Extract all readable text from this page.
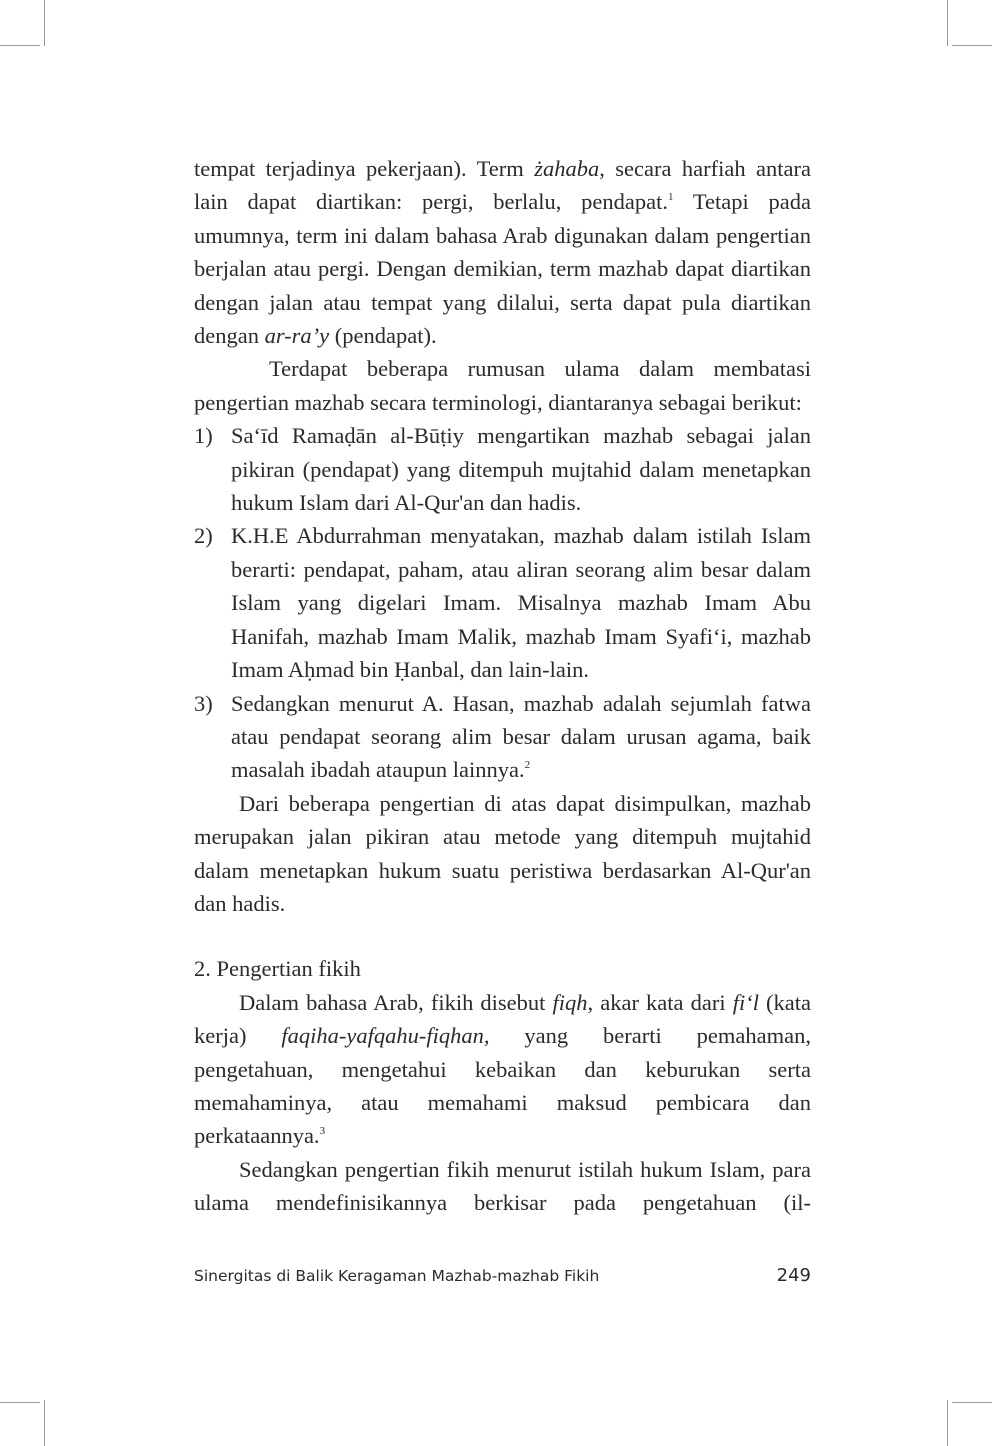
tempat terjadinya pekerjaan). Term żahaba, secara harfiah antara lain dapat diartikan: pergi, berlalu, pendapat.$^1$ Tetapi pada umumnya, term ini dalam bahasa Arab digunakan dalam pengertian berjalan atau pergi. Dengan demikian, term mazhab dapat diartikan dengan jalan atau tempat yang dilalui, serta dapat pula diartikan dengan ar-ra’y (pendapat).

Terdapat beberapa rumusan ulama dalam membatasi pengertian mazhab secara terminologi, diantaranya sebagai berikut:

1) Sa‘īd Ramaḍān al-Būṭiy mengartikan mazhab sebagai jalan pikiran (pendapat) yang ditempuh mujtahid dalam menetapkan hukum Islam dari Al-Qur'an dan hadis.
2) K.H.E Abdurrahman menyatakan, mazhab dalam istilah Islam berarti: pendapat, paham, atau aliran seorang alim besar dalam Islam yang digelari Imam. Misalnya mazhab Imam Abu Hanifah, mazhab Imam Malik, mazhab Imam Syafi‘i, mazhab Imam Aḥmad bin Ḥanbal, dan lain-lain.
3) Sedangkan menurut A. Hasan, mazhab adalah sejumlah fatwa atau pendapat seorang alim besar dalam urusan agama, baik masalah ibadah ataupun lainnya.$^2$

Dari beberapa pengertian di atas dapat disimpulkan, mazhab merupakan jalan pikiran atau metode yang ditempuh mujtahid dalam menetapkan hukum suatu peristiwa berdasarkan Al-Qur'an dan hadis.

2. Pengertian fikih

Dalam bahasa Arab, fikih disebut fiqh, akar kata dari fi‘l (kata kerja) faqiha-yafqahu-fiqhan, yang berarti pemahaman, pengetahuan, mengetahui kebaikan dan keburukan serta memahaminya, atau memahami maksud pembicara dan perkataannya.$^3$

Sedangkan pengertian fikih menurut istilah hukum Islam, para ulama mendefinisikannya berkisar pada pengetahuan (il-

Sinergitas di Balik Keragaman Mazhab-mazhab Fikih	249
